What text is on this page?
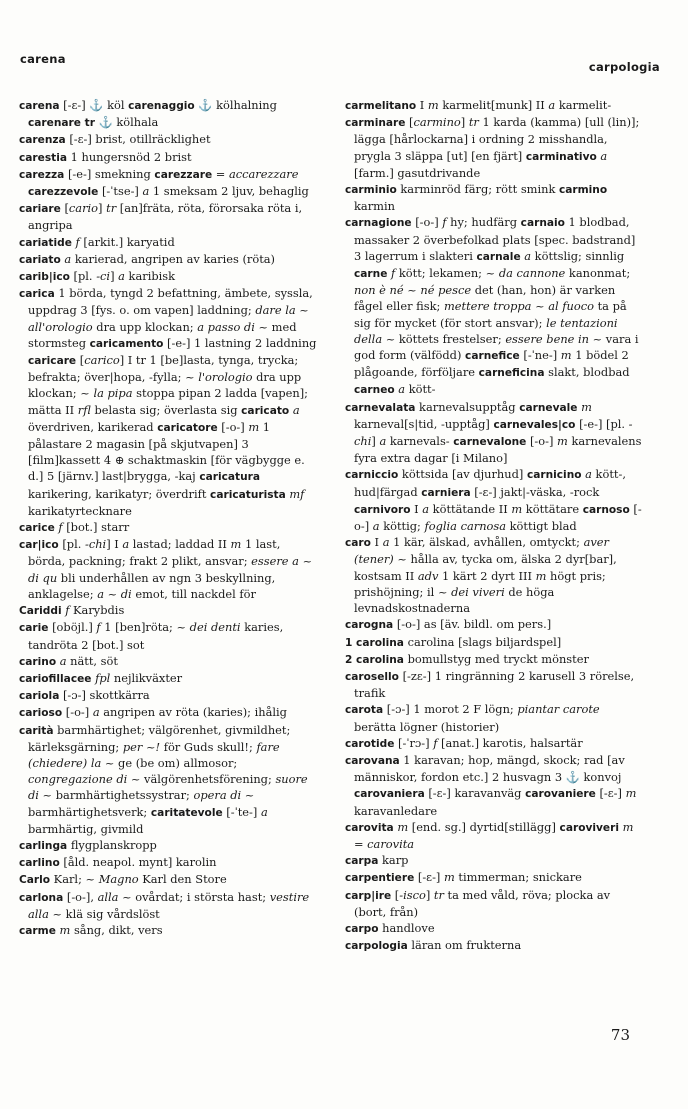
carena
carpologia

carena [-ɛ-] ⚓ köl carenaggio ⚓ kölhalning carenare tr ⚓ kölhala

carenza [-ɛ-] brist, otillräcklighet

carestia 1 hungersnöd 2 brist

carezza [-e-] smekning carezzare = accarezzare carezzevole [-ˈtse-] a 1 smeksam 2 ljuv, behaglig

cariare [cario] tr [an]fräta, röta, förorsaka röta i, angripa

cariatide f [arkit.] karyatid

cariato a karierad, angripen av karies (röta)

carib|ico [pl. -ci] a karibisk

carica 1 börda, tyngd 2 befattning, ämbete, syssla, uppdrag 3 [fys. o. om vapen] laddning; dare la ~ all'orologio dra upp klockan; a passo di ~ med stormsteg caricamento [-e-] 1 lastning 2 laddning caricare [carico] I tr 1 [be]lasta, tynga, trycka; befrakta; över|hopa, -fylla; ~ l'orologio dra upp klockan; ~ la pipa stoppa pipan 2 ladda [vapen]; mätta II rfl belasta sig; överlasta sig caricato a överdriven, karikerad caricatore [-o-] m 1 pålastare 2 magasin [på skjutvapen] 3 [film]kassett 4 ⊕ schaktmaskin [för vägbygge e. d.] 5 [järnv.] last|brygga, -kaj caricatura karikering, karikatyr; överdrift caricaturista mf karikatyrtecknare

carice f [bot.] starr

car|ico [pl. -chi] I a lastad; laddad II m 1 last, börda, packning; frakt 2 plikt, ansvar; essere a ~ di qu bli underhållen av ngn 3 beskyllning, anklagelse; a ~ di emot, till nackdel för

Cariddi f Karybdis

carie [oböjl.] f 1 [ben]röta; ~ dei denti karies, tandröta 2 [bot.] sot

carino a nätt, söt

cariofillacee fpl nejlikväxter

cariola [-ɔ-] skottkärra

carioso [-o-] a angripen av röta (karies); ihålig

carità barmhärtighet; välgörenhet, givmildhet; kärleksgärning; per ~! för Guds skull!; fare (chiedere) la ~ ge (be om) allmosor; congregazione di ~ välgörenhetsförening; suore di ~ barmhärtighetssystrar; opera di ~ barmhärtighetsverk; caritatevole [-ˈte-] a barmhärtig, givmild

carlinga flygplanskropp

carlino [åld. neapol. mynt] karolin

Carlo Karl; ~ Magno Karl den Store

carlona [-o-], alla ~ ovårdat; i största hast; vestire alla ~ klä sig vårdslöst

carme m sång, dikt, vers

carmelitano I m karmelit[munk] II a karmelit-

carminare [carmino] tr 1 karda (kamma) [ull (lin)]; lägga [hårlockarna] i ordning 2 misshandla, prygla 3 släppa [ut] [en fjärt] carminativo a [farm.] gasutdrivande

carminio karminröd färg; rött smink carmino karmin

carnagione [-o-] f hy; hudfärg carnaio 1 blodbad, massaker 2 överbefolkad plats [spec. badstrand] 3 lagerrum i slakteri carnale a köttslig; sinnlig carne f kött; lekamen; ~ da cannone kanonmat; non è né ~ né pesce det (han, hon) är varken fågel eller fisk; mettere troppa ~ al fuoco ta på sig för mycket (för stort ansvar); le tentazioni della ~ köttets frestelser; essere bene in ~ vara i god form (välfödd) carnefice [-ˈne-] m 1 bödel 2 plågoande, förföljare carneficina slakt, blodbad carneo a kött-

carnevalata karnevalsupptåg carnevale m karneval[s|tid, -upptåg] carnevales|co [-e-] [pl. -chi] a karnevals- carnevalone [-o-] m karnevalens fyra extra dagar [i Milano]

carniccio köttsida [av djurhud] carnicino a kött-, hud|färgad carniera [-ɛ-] jakt|-väska, -rock carnivoro I a köttätande II m köttätare carnoso [-o-] a köttig; foglia carnosa köttigt blad

caro I a 1 kär, älskad, avhållen, omtyckt; aver (tener) ~ hålla av, tycka om, älska 2 dyr[bar], kostsam II adv 1 kärt 2 dyrt III m högt pris; prishöjning; il ~ dei viveri de höga levnadskostnaderna

carogna [-o-] as [äv. bildl. om pers.]

1 carolina carolina [slags biljardspel]

2 carolina bomullstyg med tryckt mönster

carosello [-zɛ-] 1 ringränning 2 karusell 3 rörelse, trafik

carota [-ɔ-] 1 morot 2 F lögn; piantar carote berätta lögner (historier)

carotide [-ˈrɔ-] f [anat.] karotis, halsartär

carovana 1 karavan; hop, mängd, skock; rad [av människor, fordon etc.] 2 husvagn 3 ⚓ konvoj carovaniera [-ɛ-] karavanväg carovaniere [-ɛ-] m karavanledare

carovita m [end. sg.] dyrtid[stillägg] caroviveri m = carovita

carpa karp

carpentiere [-ɛ-] m timmerman; snickare

carp|ire [-isco] tr ta med våld, röva; plocka av (bort, från)

carpo handlove

carpologia läran om frukterna

73
